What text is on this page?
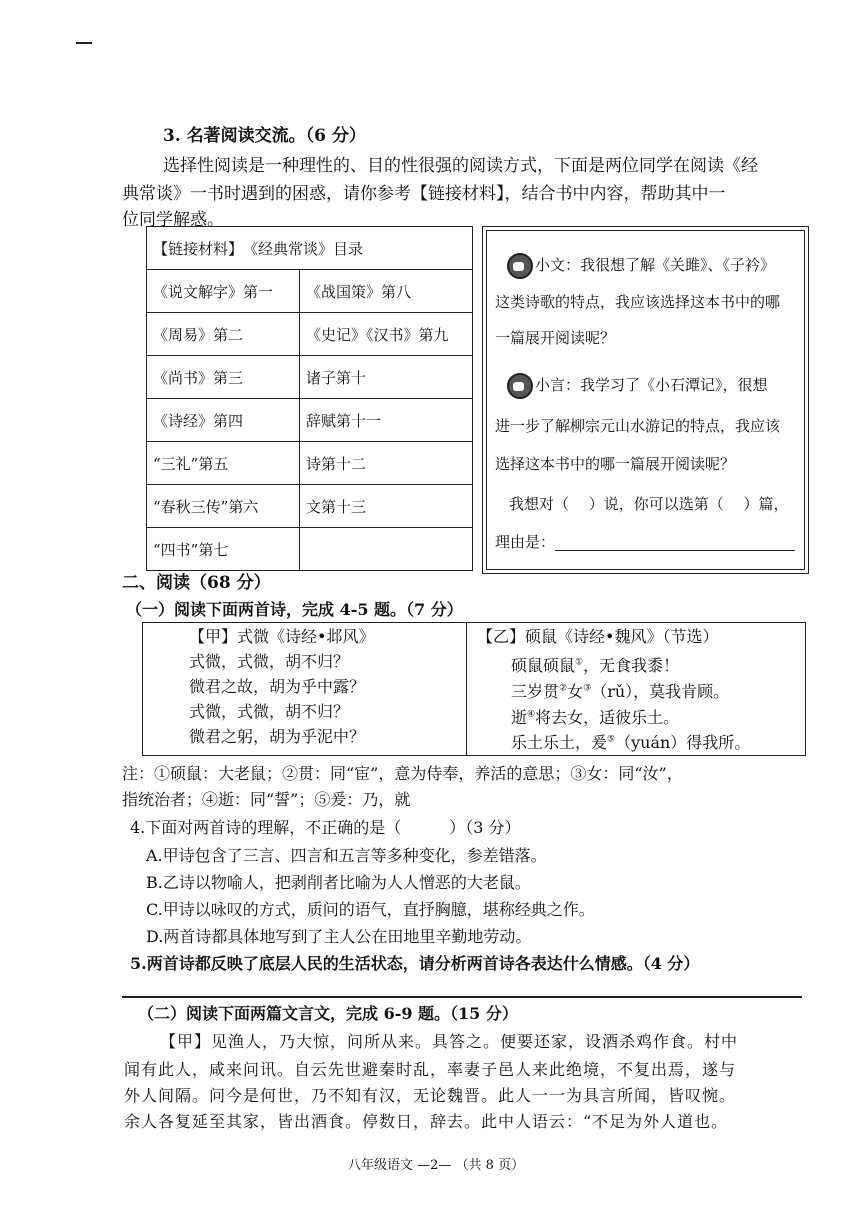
3. 名著阅读交流。（6 分）
选择性阅读是一种理性的、目的性很强的阅读方式，下面是两位同学在阅读《经
典常谈》一书时遇到的困惑，请你参考【链接材料】，结合书中内容，帮助其中一
位同学解惑。
【链接材料】　《经典常谈》目录	
《说文解字》第一	《战国策》第八
《周易》第二	《史记》《汉书》第九
《尚书》第三	诸子第十
《诗经》第四	辞赋第十一
“三礼”第五	诗第十二
“春秋三传”第六	文第十三
“四书”第七	
小文：我很想了解《关雎》、《子衿》
这类诗歌的特点，我应该选择这本书中的哪
一篇展开阅读呢？
小言：我学习了《小石潭记》，很想
进一步了解柳宗元山水游记的特点，我应该
选择这本书中的哪一篇展开阅读呢？
我想对（　 ）说，你可以选第（　 ）篇，
理由是：
二、阅读（68 分）
（一）阅读下面两首诗，完成 4-5 题。（7 分）
【甲】式微《诗经•邶风》
式微，式微，胡不归？
微君之故，胡为乎中露？
式微，式微，胡不归？
微君之躬，胡为乎泥中？
【乙】硕鼠《诗经•魏风》（节选）
硕鼠硕鼠①，无食我黍！
三岁贯②女③（rǔ），莫我肯顾。
逝④将去女，适彼乐土。
乐土乐土，爰⑤（yuán）得我所。
注：①硕鼠：大老鼠；②贯：同“宦”，意为侍奉，养活的意思；③女：同“汝”，
指统治者；④逝：同“誓”；⑤爰：乃，就
4.下面对两首诗的理解，不正确的是（　　　）（3 分）
A.甲诗包含了三言、四言和五言等多种变化，参差错落。
B.乙诗以物喻人，把剥削者比喻为人人憎恶的大老鼠。
C.甲诗以咏叹的方式，质问的语气，直抒胸臆，堪称经典之作。
D.两首诗都具体地写到了主人公在田地里辛勤地劳动。
5.两首诗都反映了底层人民的生活状态，请分析两首诗各表达什么情感。（4 分）
（二）阅读下面两篇文言文，完成 6-9 题。（15 分）
【甲】见渔人，乃大惊，问所从来。具答之。便要还家，设酒杀鸡作食。村中
闻有此人，咸来问讯。自云先世避秦时乱，率妻子邑人来此绝境，不复出焉，遂与
外人间隔。问今是何世，乃不知有汉，无论魏晋。此人一一为具言所闻，皆叹惋。
余人各复延至其家，皆出酒食。停数日，辞去。此中人语云：“不足为外人道也。
八年级语文 —2— （共 8 页）
